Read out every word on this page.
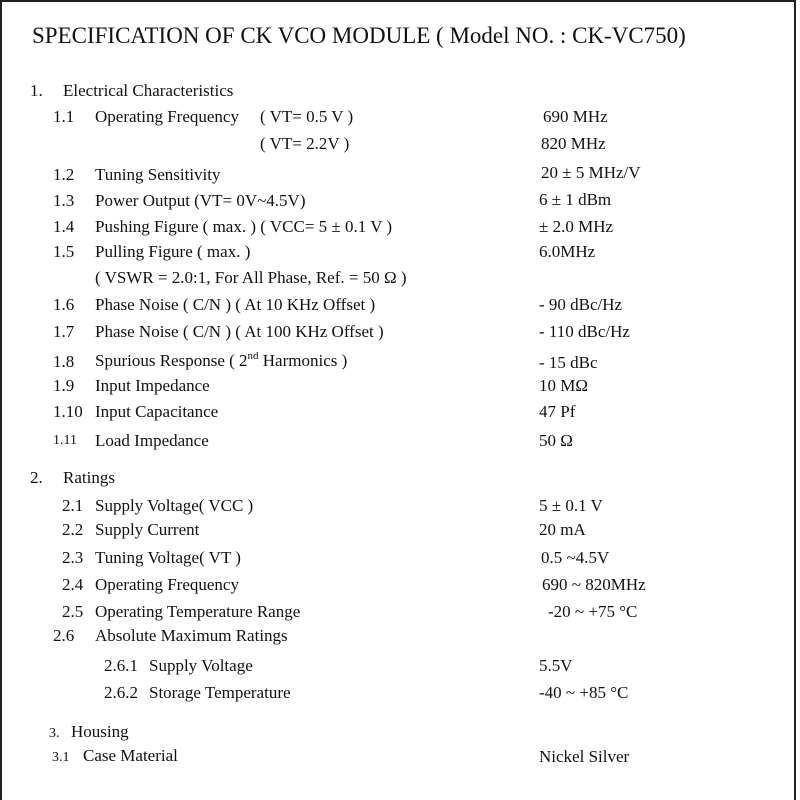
SPECIFICATION OF CK VCO MODULE ( Model NO. : CK-VC750)
1. Electrical Characteristics
1.1 Operating Frequency ( VT= 0.5 V )	690 MHz
( VT= 2.2V )	820 MHz
1.2 Tuning Sensitivity	20 ± 5 MHz/V
1.3 Power Output (VT= 0V~4.5V)	6 ± 1 dBm
1.4 Pushing Figure ( max. ) ( VCC= 5 ± 0.1 V )	± 2.0 MHz
1.5 Pulling Figure ( max. )	6.0MHz
( VSWR = 2.0:1, For All Phase, Ref. = 50 Ω )
1.6 Phase Noise ( C/N ) ( At 10 KHz Offset )	- 90 dBc/Hz
1.7 Phase Noise ( C/N ) ( At 100 KHz Offset )	- 110 dBc/Hz
1.8 Spurious Response ( 2nd Harmonics )	- 15 dBc
1.9 Input Impedance	10 MΩ
1.10 Input Capacitance	47 Pf
1.11 Load Impedance	50 Ω
2. Ratings
2.1 Supply Voltage( VCC )	5 ± 0.1 V
2.2 Supply Current	20 mA
2.3 Tuning Voltage( VT )	0.5 ~4.5V
2.4 Operating Frequency	690 ~ 820MHz
2.5 Operating Temperature Range	-20 ~ +75 °C
2.6 Absolute Maximum Ratings
2.6.1 Supply Voltage	5.5V
2.6.2 Storage Temperature	-40 ~ +85 °C
3. Housing
3.1 Case Material	Nickel Silver
